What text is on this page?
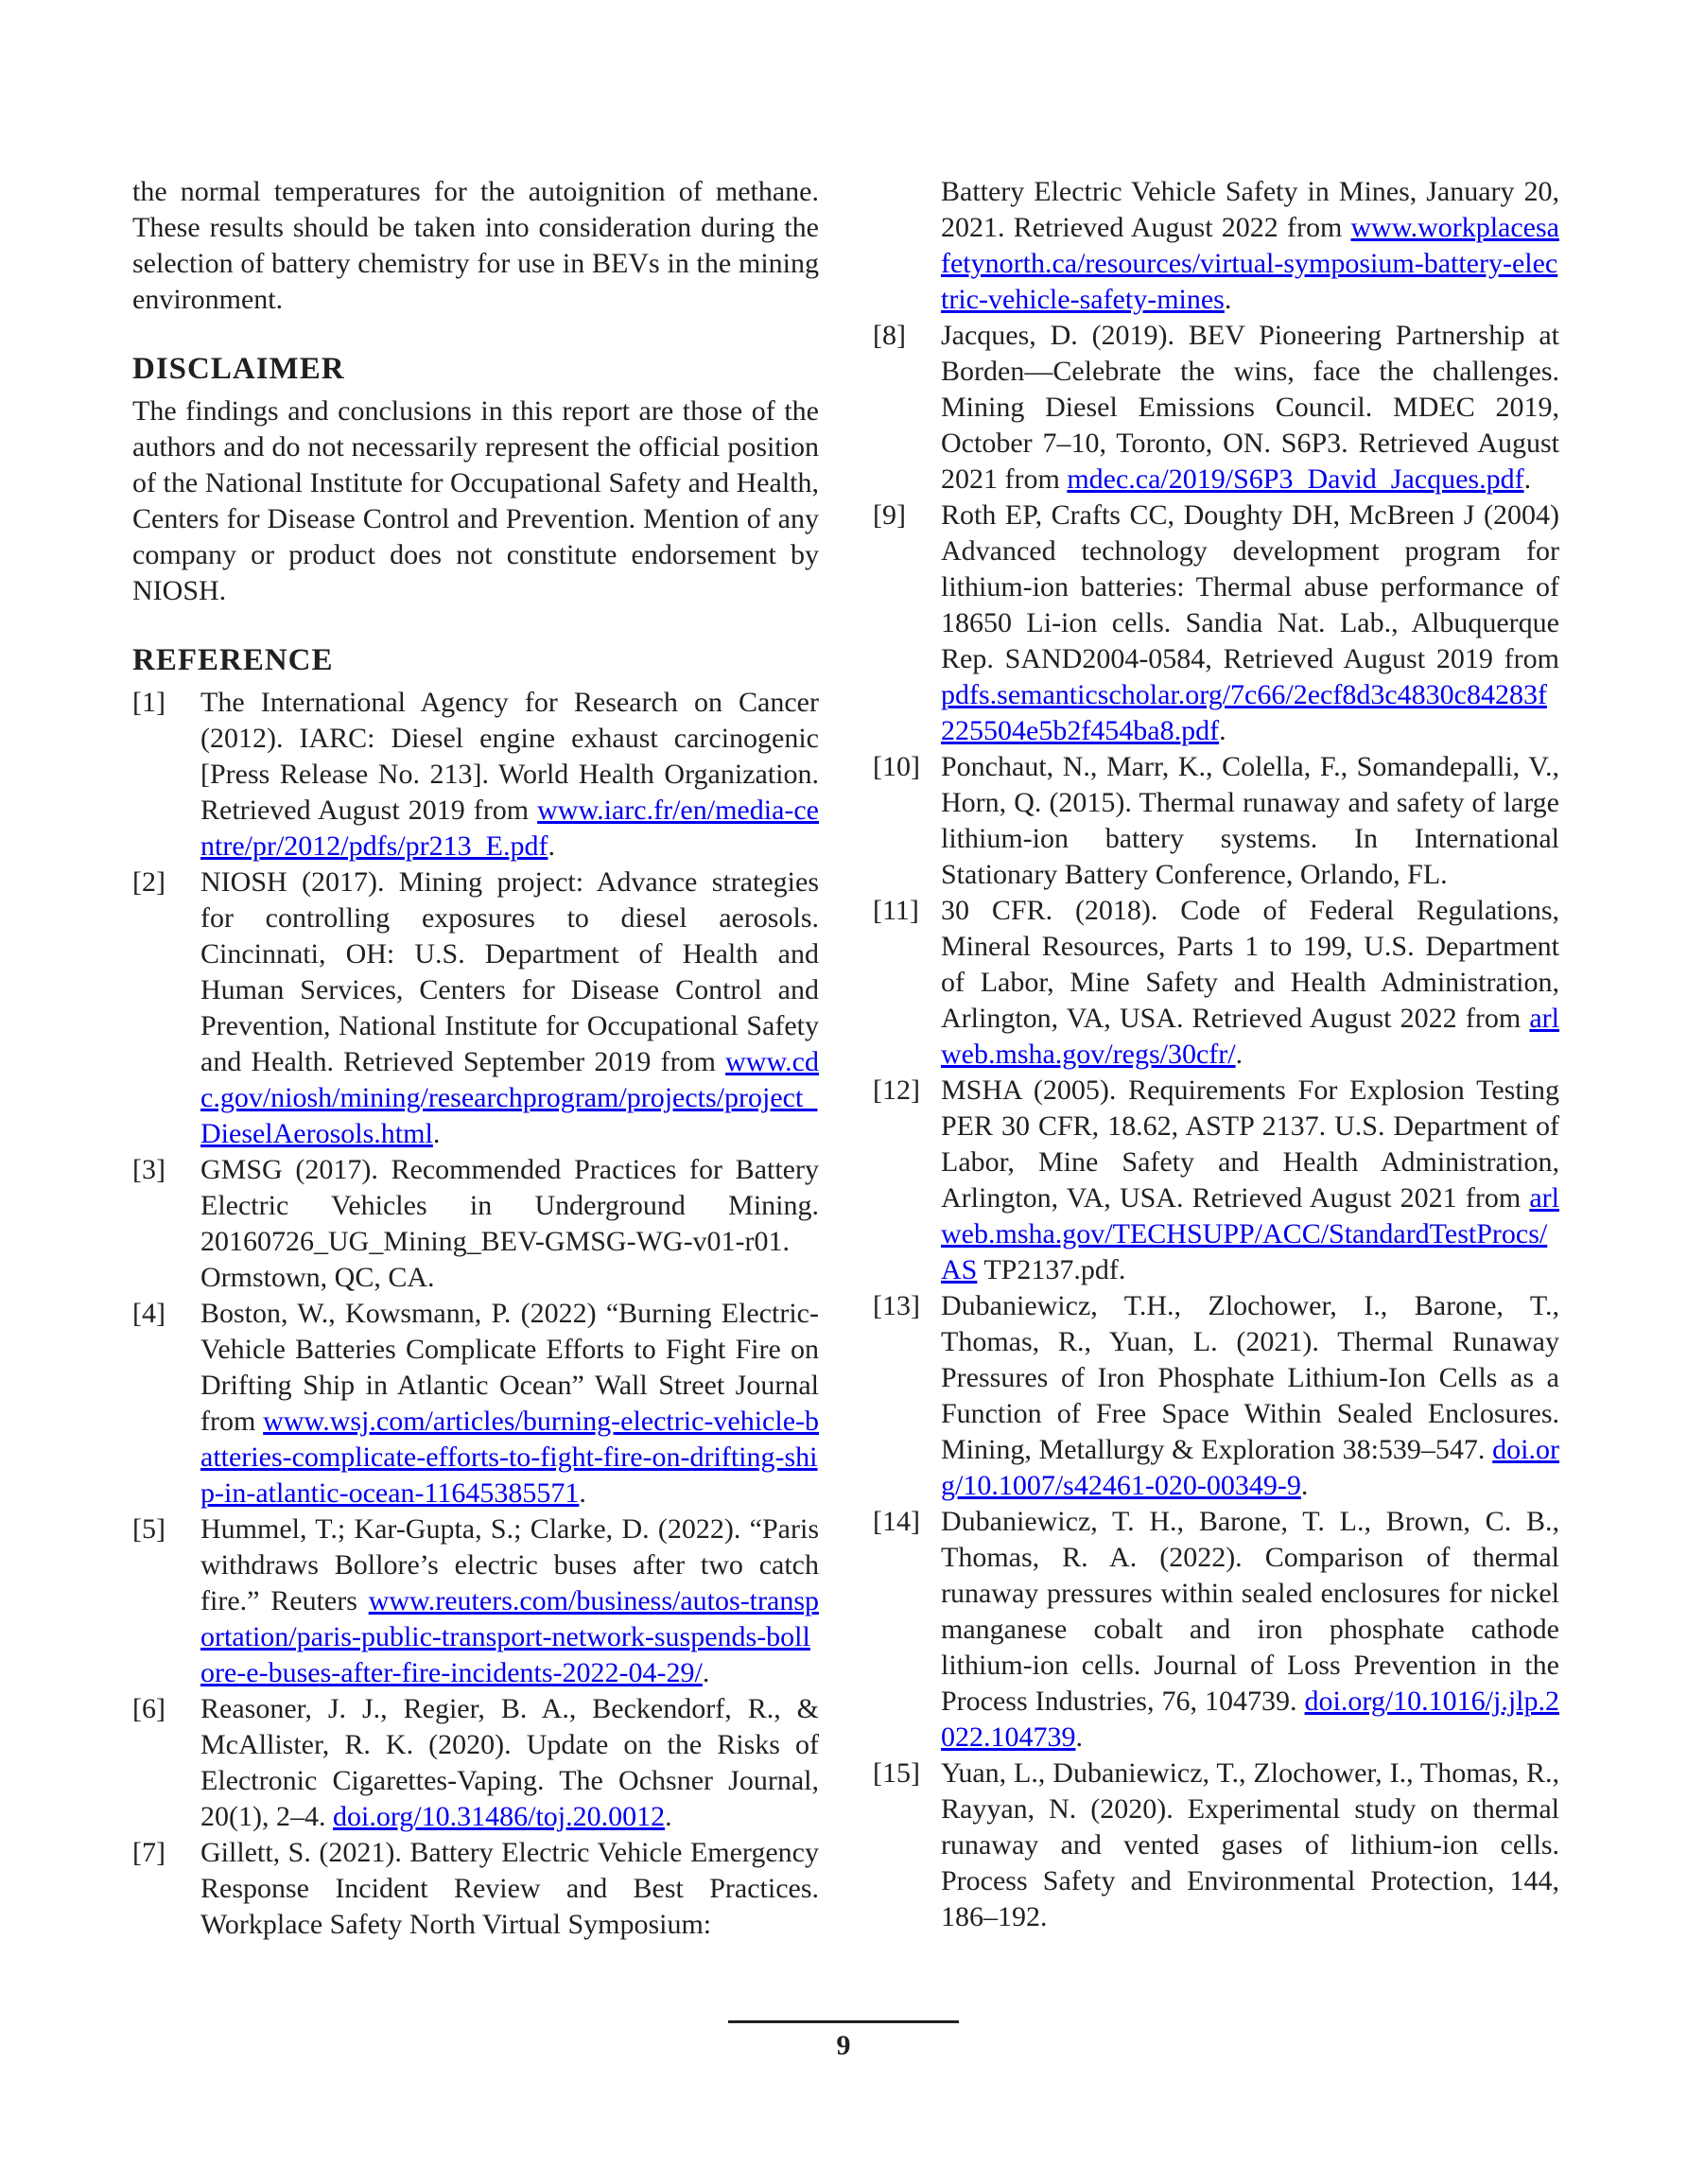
the normal temperatures for the autoignition of methane. These results should be taken into consideration during the selection of battery chemistry for use in BEVs in the mining environment.

DISCLAIMER

The findings and conclusions in this report are those of the authors and do not necessarily represent the official position of the National Institute for Occupational Safety and Health, Centers for Disease Control and Prevention. Mention of any company or product does not constitute endorsement by NIOSH.

REFERENCE
[1]	The International Agency for Research on Cancer (2012). IARC: Diesel engine exhaust carcinogenic [Press Release No. 213]. World Health Organization. Retrieved August 2019 from www.iarc.fr/en/media-centre/pr/2012/pdfs/pr213_E.pdf.
[2]	NIOSH (2017). Mining project: Advance strategies for controlling exposures to diesel aerosols. Cincinnati, OH: U.S. Department of Health and Human Services, Centers for Disease Control and Prevention, National Institute for Occupational Safety and Health. Retrieved September 2019 from www.cdc.gov/niosh/mining/researchprogram/projects/project_DieselAerosols.html.
[3]	GMSG (2017). Recommended Practices for Battery Electric Vehicles in Underground Mining. 20160726_UG_Mining_BEV-GMSG-WG-v01-r01. Ormstown, QC, CA.
[4]	Boston, W., Kowsmann, P. (2022) “Burning Electric-Vehicle Batteries Complicate Efforts to Fight Fire on Drifting Ship in Atlantic Ocean” Wall Street Journal from www.wsj.com/articles/burning-electric-vehicle-batteries-complicate-efforts-to-fight-fire-on-drifting-ship-in-atlantic-ocean-11645385571.
[5]	Hummel, T.; Kar-Gupta, S.; Clarke, D. (2022). “Paris withdraws Bollore’s electric buses after two catch fire.” Reuters www.reuters.com/business/autos-transportation/paris-public-transport-network-suspends-bollore-e-buses-after-fire-incidents-2022-04-29/.
[6]	Reasoner, J. J., Regier, B. A., Beckendorf, R., & McAllister, R. K. (2020). Update on the Risks of Electronic Cigarettes-Vaping. The Ochsner Journal, 20(1), 2–4. doi.org/10.31486/toj.20.0012.
[7]	Gillett, S. (2021). Battery Electric Vehicle Emergency Response Incident Review and Best Practices. Workplace Safety North Virtual Symposium:
Battery Electric Vehicle Safety in Mines, January 20, 2021. Retrieved August 2022 from www.workplacesafetynorth.ca/resources/virtual-symposium-battery-electric-vehicle-safety-mines.
[8]	Jacques, D. (2019). BEV Pioneering Partnership at Borden—Celebrate the wins, face the challenges. Mining Diesel Emissions Council. MDEC 2019, October 7–10, Toronto, ON. S6P3. Retrieved August 2021 from mdec.ca/2019/S6P3_David_Jacques.pdf.
[9]	Roth EP, Crafts CC, Doughty DH, McBreen J (2004) Advanced technology development program for lithium-ion batteries: Thermal abuse performance of 18650 Li-ion cells. Sandia Nat. Lab., Albuquerque Rep. SAND2004-0584, Retrieved August 2019 from pdfs.semanticscholar.org/7c66/2ecf8d3c4830c84283f225504e5b2f454ba8.pdf.
[10] Ponchaut, N., Marr, K., Colella, F., Somandepalli, V., Horn, Q. (2015). Thermal runaway and safety of large lithium-ion battery systems. In International Stationary Battery Conference, Orlando, FL.
[11] 30 CFR. (2018). Code of Federal Regulations, Mineral Resources, Parts 1 to 199, U.S. Department of Labor, Mine Safety and Health Administration, Arlington, VA, USA. Retrieved August 2022 from arlweb.msha.gov/regs/30cfr/.
[12] MSHA (2005). Requirements For Explosion Testing PER 30 CFR, 18.62, ASTP 2137. U.S. Department of Labor, Mine Safety and Health Administration, Arlington, VA, USA. Retrieved August 2021 from arlweb.msha.gov/TECHSUPP/ACC/StandardTestProcs/AS TP2137.pdf.
[13] Dubaniewicz, T.H., Zlochower, I., Barone, T., Thomas, R., Yuan, L. (2021). Thermal Runaway Pressures of Iron Phosphate Lithium-Ion Cells as a Function of Free Space Within Sealed Enclosures. Mining, Metallurgy & Exploration 38:539–547. doi.org/10.1007/s42461-020-00349-9.
[14] Dubaniewicz, T. H., Barone, T. L., Brown, C. B., Thomas, R. A. (2022). Comparison of thermal runaway pressures within sealed enclosures for nickel manganese cobalt and iron phosphate cathode lithium-ion cells. Journal of Loss Prevention in the Process Industries, 76, 104739. doi.org/10.1016/j.jlp.2022.104739.
[15] Yuan, L., Dubaniewicz, T., Zlochower, I., Thomas, R., Rayyan, N. (2020). Experimental study on thermal runaway and vented gases of lithium-ion cells. Process Safety and Environmental Protection, 144, 186–192.
9
